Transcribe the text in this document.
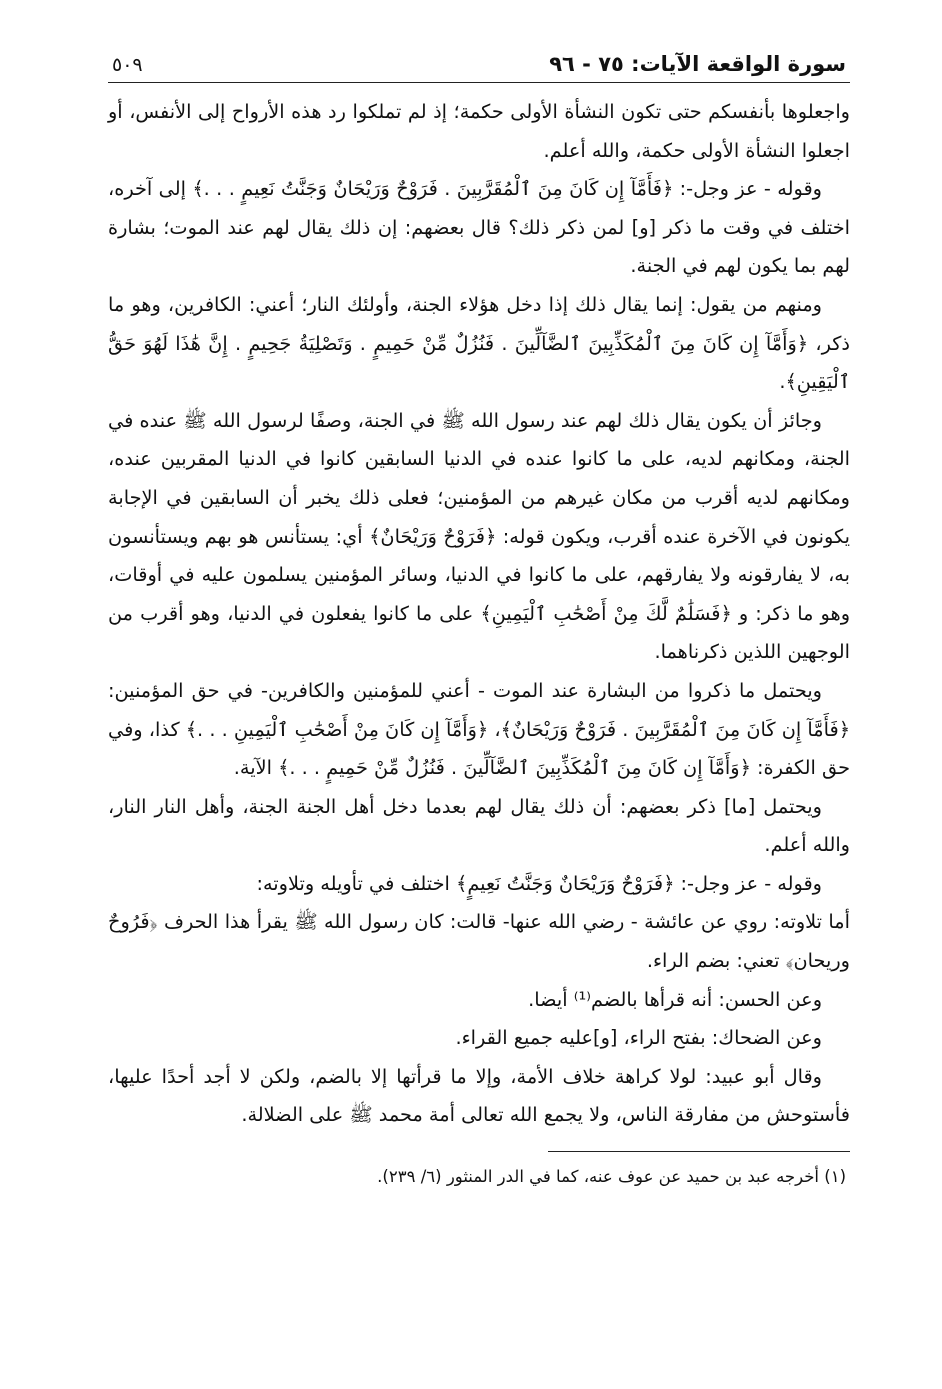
سورة الواقعة الآيات: ٧٥ - ٩٦
٥٠٩

واجعلوها بأنفسكم حتى تكون النشأة الأولى حكمة؛ إذ لم تملكوا رد هذه الأرواح إلى الأنفس، أو اجعلوا النشأة الأولى حكمة، والله أعلم.

وقوله - عز وجل-: ﴿فَأَمَّآ إِن كَانَ مِنَ ٱلْمُقَرَّبِينَ . فَرَوْحٌ وَرَيْحَانٌ وَجَنَّتُ نَعِيمٍ . . .﴾ إلى آخره، اختلف في وقت ما ذكر [و] لمن ذكر ذلك؟ قال بعضهم: إن ذلك يقال لهم عند الموت؛ بشارة لهم بما يكون لهم في الجنة.

ومنهم من يقول: إنما يقال ذلك إذا دخل هؤلاء الجنة، وأولئك النار؛ أعني: الكافرين، وهو ما ذكر، ﴿وَأَمَّآ إِن كَانَ مِنَ ٱلْمُكَذِّبِينَ ٱلضَّآلِّينَ . فَنُزُلٌ مِّنْ حَمِيمٍ . وَتَصْلِيَةُ جَحِيمٍ . إِنَّ هَٰذَا لَهُوَ حَقُّ ٱلْيَقِينِ﴾.

وجائز أن يكون يقال ذلك لهم عند رسول الله ﷺ في الجنة، وصفًا لرسول الله ﷺ عنده في الجنة، ومكانهم لديه، على ما كانوا عنده في الدنيا السابقين كانوا في الدنيا المقربين عنده، ومكانهم لديه أقرب من مكان غيرهم من المؤمنين؛ فعلى ذلك يخبر أن السابقين في الإجابة يكونون في الآخرة عنده أقرب، ويكون قوله: ﴿فَرَوْحٌ وَرَيْحَانٌ﴾ أي: يستأنس هو بهم ويستأنسون به، لا يفارقونه ولا يفارقهم، على ما كانوا في الدنيا، وسائر المؤمنين يسلمون عليه في أوقات، وهو ما ذكر: و ﴿فَسَلَٰمٌ لَّكَ مِنْ أَصْحَٰبِ ٱلْيَمِينِ﴾ على ما كانوا يفعلون في الدنيا، وهو أقرب من الوجهين اللذين ذكرناهما.

ويحتمل ما ذكروا من البشارة عند الموت - أعني للمؤمنين والكافرين- في حق المؤمنين: ﴿فَأَمَّآ إِن كَانَ مِنَ ٱلْمُقَرَّبِينَ . فَرَوْحٌ وَرَيْحَانٌ﴾، ﴿وَأَمَّآ إِن كَانَ مِنْ أَصْحَٰبِ ٱلْيَمِينِ . . .﴾ كذا، وفي حق الكفرة: ﴿وَأَمَّآ إِن كَانَ مِنَ ٱلْمُكَذِّبِينَ ٱلضَّآلِّينَ . فَنُزُلٌ مِّنْ حَمِيمٍ . . .﴾ الآية.

ويحتمل [ما] ذكر بعضهم: أن ذلك يقال لهم بعدما دخل أهل الجنة الجنة، وأهل النار النار، والله أعلم.

وقوله - عز وجل-: ﴿فَرَوْحٌ وَرَيْحَانٌ وَجَنَّتُ نَعِيمٍ﴾ اختلف في تأويله وتلاوته:

أما تلاوته: روي عن عائشة - رضي الله عنها- قالت: كان رسول الله ﷺ يقرأ هذا الحرف ﴿فَرُوحٌ وريحان﴾ تعني: بضم الراء.

وعن الحسن: أنه قرأها بالضم⁽¹⁾ أيضا.

وعن الضحاك: بفتح الراء، [و]عليه جميع القراء.

وقال أبو عبيد: لولا كراهة خلاف الأمة، وإلا ما قرأتها إلا بالضم، ولكن لا أجد أحدًا عليها، فأستوحش من مفارقة الناس، ولا يجمع الله تعالى أمة محمد ﷺ على الضلالة.

(١) أخرجه عبد بن حميد عن عوف عنه، كما في الدر المنثور (٦/ ٢٣٩).
